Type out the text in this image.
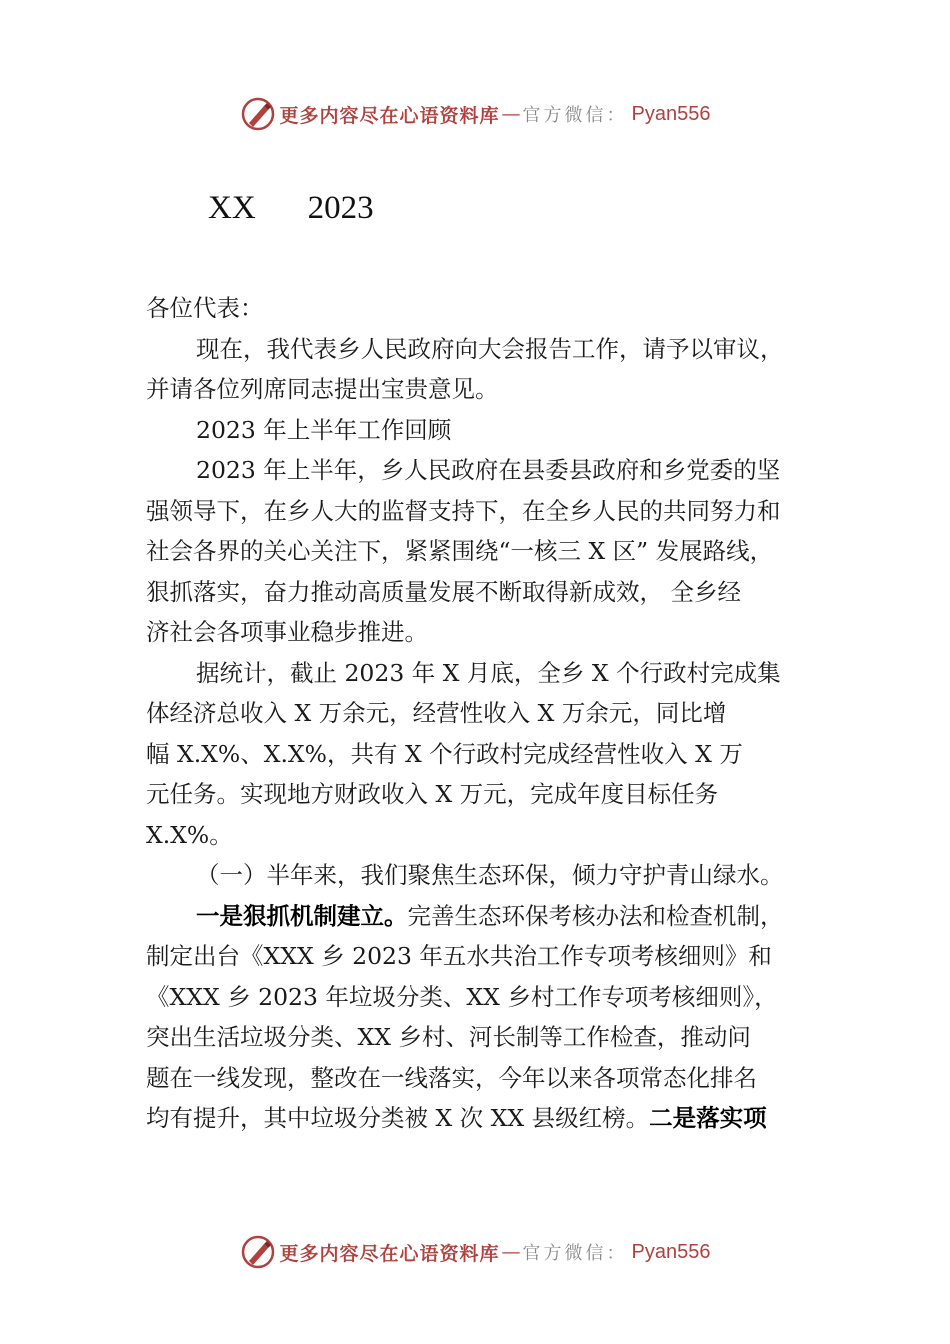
更多内容尽在心语资料库 — 官方微信： Pyan556
XX 2023
各位代表：
现在，我代表乡人民政府向大会报告工作，请予以审议，
并请各位列席同志提出宝贵意见。
2023 年上半年工作回顾
2023 年上半年，乡人民政府在县委县政府和乡党委的坚
强领导下，在乡人大的监督支持下，在全乡人民的共同努力和
社会各界的关心关注下，紧紧围绕“一核三 X 区” 发展路线，
狠抓落实，奋力推动高质量发展不断取得新成效， 全乡经
济社会各项事业稳步推进。
据统计，截止 2023 年 X 月底，全乡 X 个行政村完成集
体经济总收入 X 万余元，经营性收入 X 万余元，同比增
幅 X.X%、X.X%，共有 X 个行政村完成经营性收入 X 万
元任务。实现地方财政收入 X 万元，完成年度目标任务
X.X%。
（一）半年来，我们聚焦生态环保，倾力守护青山绿水。
一是狠抓机制建立。完善生态环保考核办法和检查机制，
制定出台《XXX 乡 2023 年五水共治工作专项考核细则》和
《XXX 乡 2023 年垃圾分类、XX 乡村工作专项考核细则》，
突出生活垃圾分类、XX 乡村、河长制等工作检查，推动问
题在一线发现，整改在一线落实，今年以来各项常态化排名
均有提升，其中垃圾分类被 X 次 XX 县级红榜。二是落实项
更多内容尽在心语资料库 — 官方微信： Pyan556
